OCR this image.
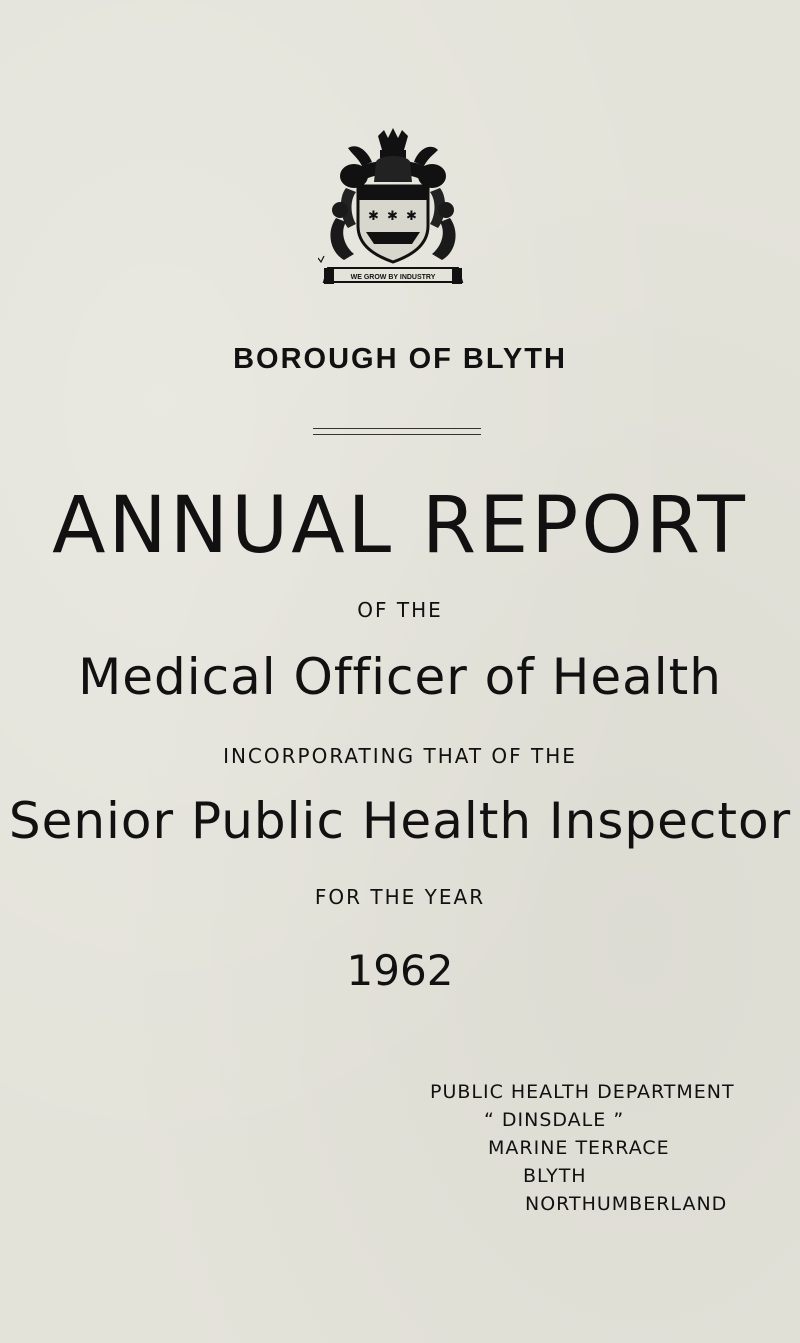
✱ ✱ ✱
WE GROW BY INDUSTRY
BOROUGH OF BLYTH
ANNUAL REPORT
OF THE
Medical Officer of Health
INCORPORATING THAT OF THE
Senior Public Health Inspector
FOR THE YEAR
1962
PUBLIC HEALTH DEPARTMENT
“ DINSDALE ”
MARINE TERRACE
BLYTH
NORTHUMBERLAND
